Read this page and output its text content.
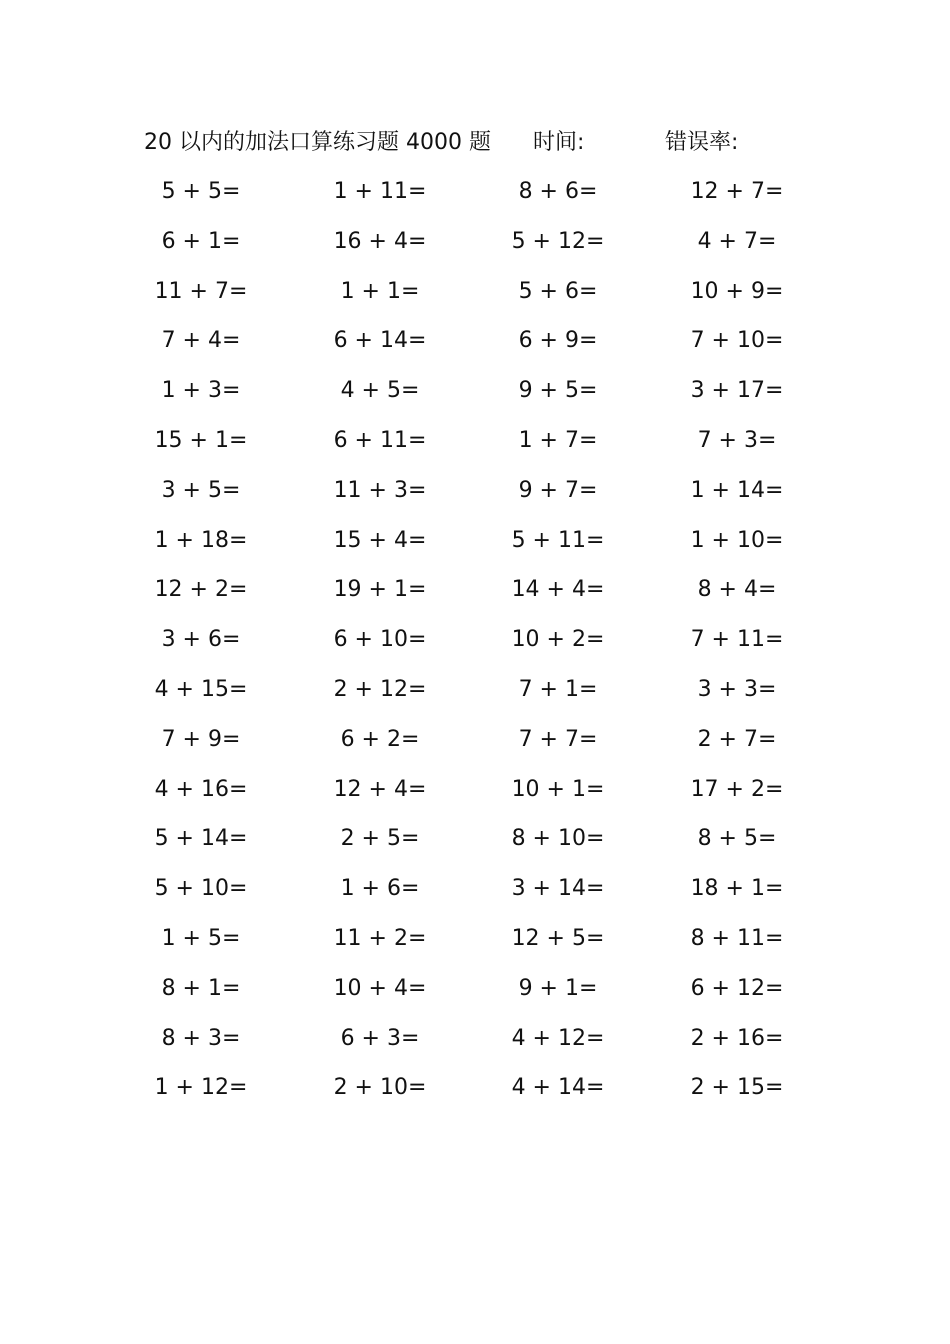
20 以内的加法口算练习题 4000 题 时间:	错误率:
5 + 5=	1 + 11=	8 + 6=	12 + 7=
6 + 1=	16 + 4=	5 + 12=	4 + 7=
11 + 7=	1 + 1=	5 + 6=	10 + 9=
7 + 4=	6 + 14=	6 + 9=	7 + 10=
1 + 3=	4 + 5=	9 + 5=	3 + 17=
15 + 1=	6 + 11=	1 + 7=	7 + 3=
3 + 5=	11 + 3=	9 + 7=	1 + 14=
1 + 18=	15 + 4=	5 + 11=	1 + 10=
12 + 2=	19 + 1=	14 + 4=	8 + 4=
3 + 6=	6 + 10=	10 + 2=	7 + 11=
4 + 15=	2 + 12=	7 + 1=	3 + 3=
7 + 9=	6 + 2=	7 + 7=	2 + 7=
4 + 16=	12 + 4=	10 + 1=	17 + 2=
5 + 14=	2 + 5=	8 + 10=	8 + 5=
5 + 10=	1 + 6=	3 + 14=	18 + 1=
1 + 5=	11 + 2=	12 + 5=	8 + 11=
8 + 1=	10 + 4=	9 + 1=	6 + 12=
8 + 3=	6 + 3=	4 + 12=	2 + 16=
1 + 12=	2 + 10=	4 + 14=	2 + 15=
